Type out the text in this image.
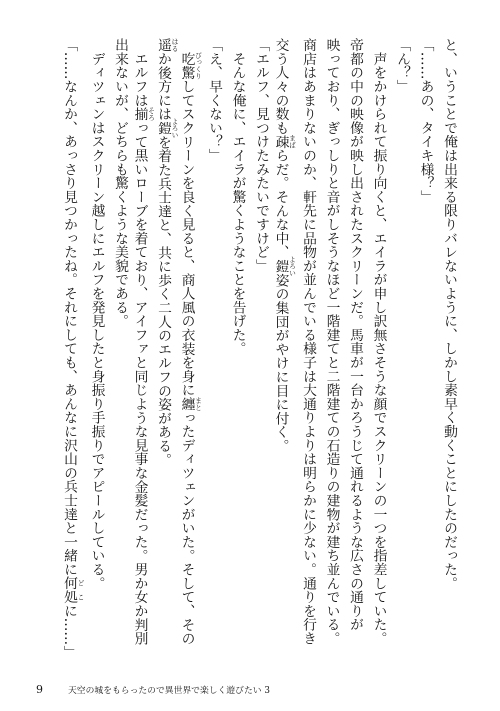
と、いうことで俺は出来る限りバレないように、しかし素早く動くことにしたのだった。
「……あの、タイキ様？」
「ん？」
　声をかけられて振り向くと、エイラが申し訳無さそうな顔でスクリーンの一つを指差していた。
帝都の中の映像が映し出されたスクリーンだ。馬車が一台かろうじて通れるような広さの通りが
映っており、ぎっしりと音がしそうなほど一階建てと二階建ての石造りの建物が建ち並んでいる。
商店はあまりないのか、軒先に品物が並んでいる様子は大通りよりは明らかに少ない。通りを行き
交う人々の数も疎 まばらだ。そんな中、鎧 よろい姿の集団がやけに目に付く。
「エルフ、見つけたみたいですけど」
　そんな俺に、エイラが驚くようなことを告げた。
「え、早くない？」
　吃驚 びっくりしてスクリーンを良く見ると、商人風の衣装を身に纏 まとったディツェンがいた。そして、その
遥 はるか後方には鎧 よろいを着た兵士達と、共に歩く二人のエルフの姿がある。
　エルフは揃 そろって黒いローブを着ており、アイファと同じような見事な金髪だった。男か女か判別
出来ないが、どちらも驚くような美貌である。
　ディツェンはスクリーン越しにエルフを発見したと身振り手振りでアピールしている。
「……なんか、あっさり見つかったね。それにしても、あんなに沢山の兵士達と一緒に何処 どこに……」
9	天空の城をもらったので異世界で楽しく遊びたい 3
